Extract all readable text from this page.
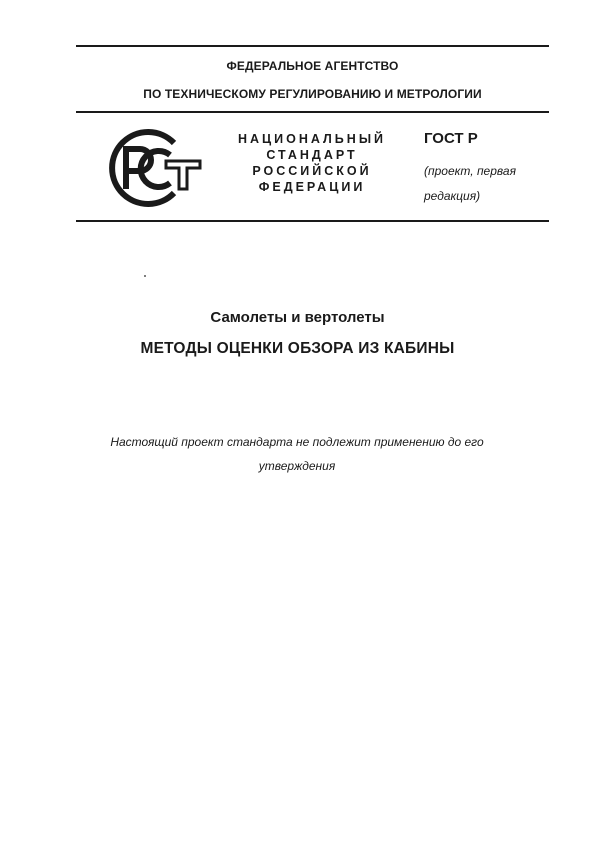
ФЕДЕРАЛЬНОЕ АГЕНТСТВО
ПО ТЕХНИЧЕСКОМУ РЕГУЛИРОВАНИЮ И МЕТРОЛОГИИ
НАЦИОНАЛЬНЫЙ
СТАНДАРТ
РОССИЙСКОЙ
ФЕДЕРАЦИИ
ГОСТ Р
(проект, первая
редакция)
Самолеты и вертолеты
МЕТОДЫ ОЦЕНКИ ОБЗОРА ИЗ КАБИНЫ
Настоящий проект стандарта не подлежит применению до его
утверждения
